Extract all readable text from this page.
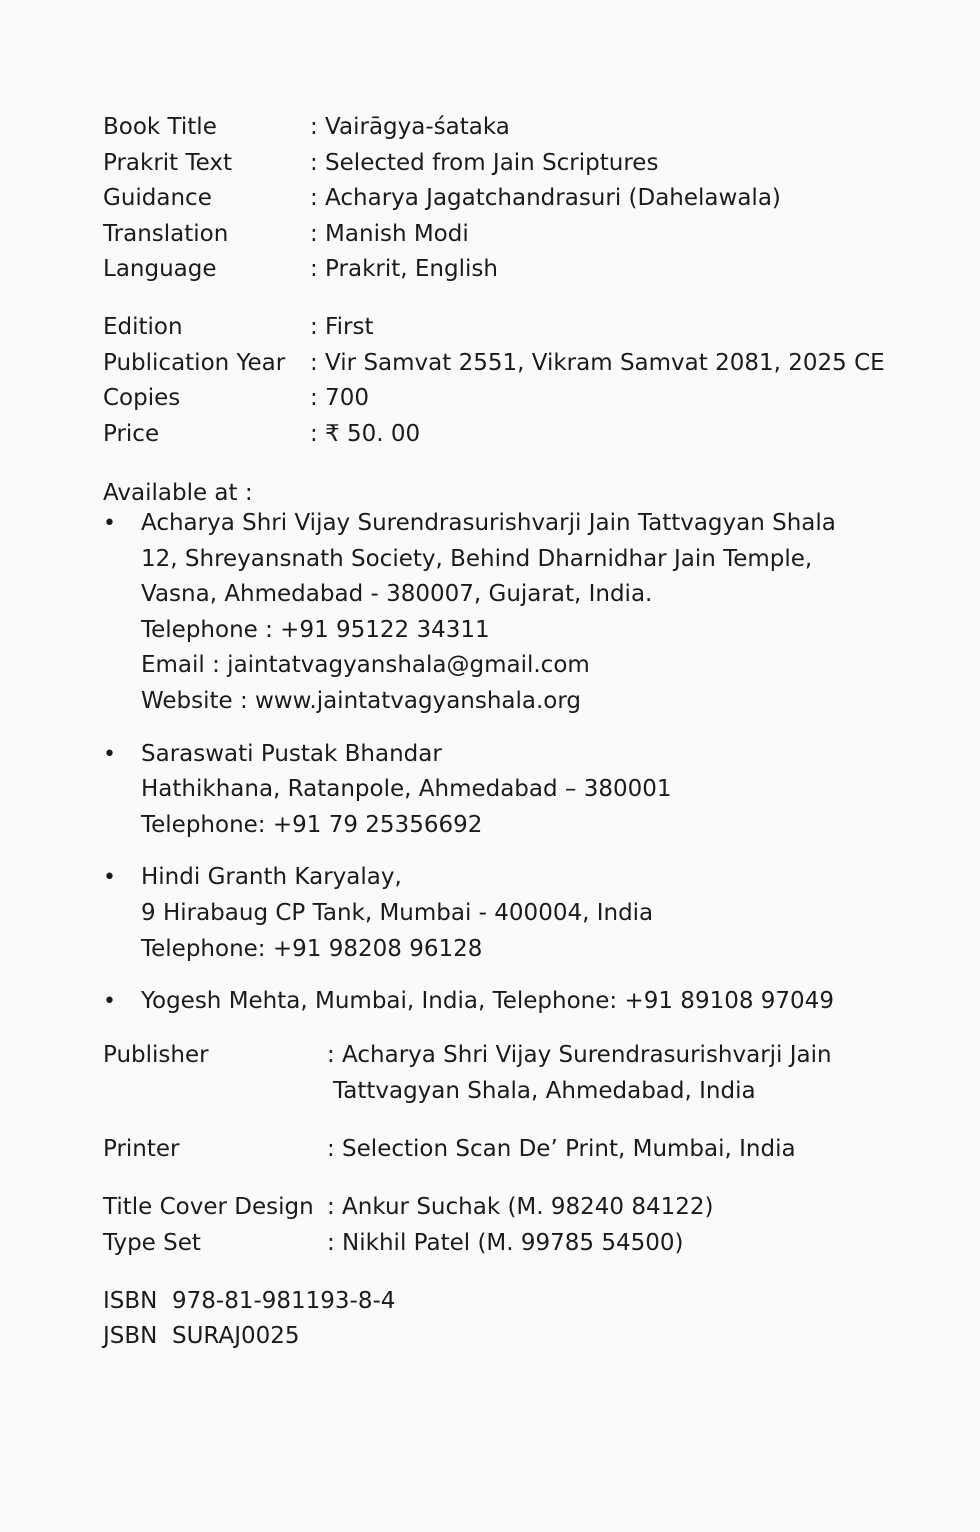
Book Title	: Vairāgya-śataka
Prakrit Text	: Selected from Jain Scriptures
Guidance	: Acharya Jagatchandrasuri (Dahelawala)
Translation	: Manish Modi
Language	: Prakrit, English
Edition	: First
Publication Year : Vir Samvat 2551, Vikram Samvat 2081, 2025 CE
Copies	: 700
Price	: ₹ 50. 00
Available at :
• Acharya Shri Vijay Surendrasurishvarji Jain Tattvagyan Shala
12, Shreyansnath Society, Behind Dharnidhar Jain Temple,
Vasna, Ahmedabad - 380007, Gujarat, India.
Telephone : +91 95122 34311
Email : jaintatvagyanshala@gmail.com
Website : www.jaintatvagyanshala.org
• Saraswati Pustak Bhandar
Hathikhana, Ratanpole, Ahmedabad – 380001
Telephone: +91 79 25356692
• Hindi Granth Karyalay,
9 Hirabaug CP Tank, Mumbai - 400004, India
Telephone: +91 98208 96128
• Yogesh Mehta, Mumbai, India, Telephone: +91 89108 97049
Publisher	: Acharya Shri Vijay Surendrasurishvarji Jain
Tattvagyan Shala, Ahmedabad, India
Printer	: Selection Scan De’ Print, Mumbai, India
Title Cover Design : Ankur Suchak (M. 98240 84122)
Type Set	: Nikhil Patel (M. 99785 54500)
ISBN  978-81-981193-8-4
JSBN  SURAJ0025
